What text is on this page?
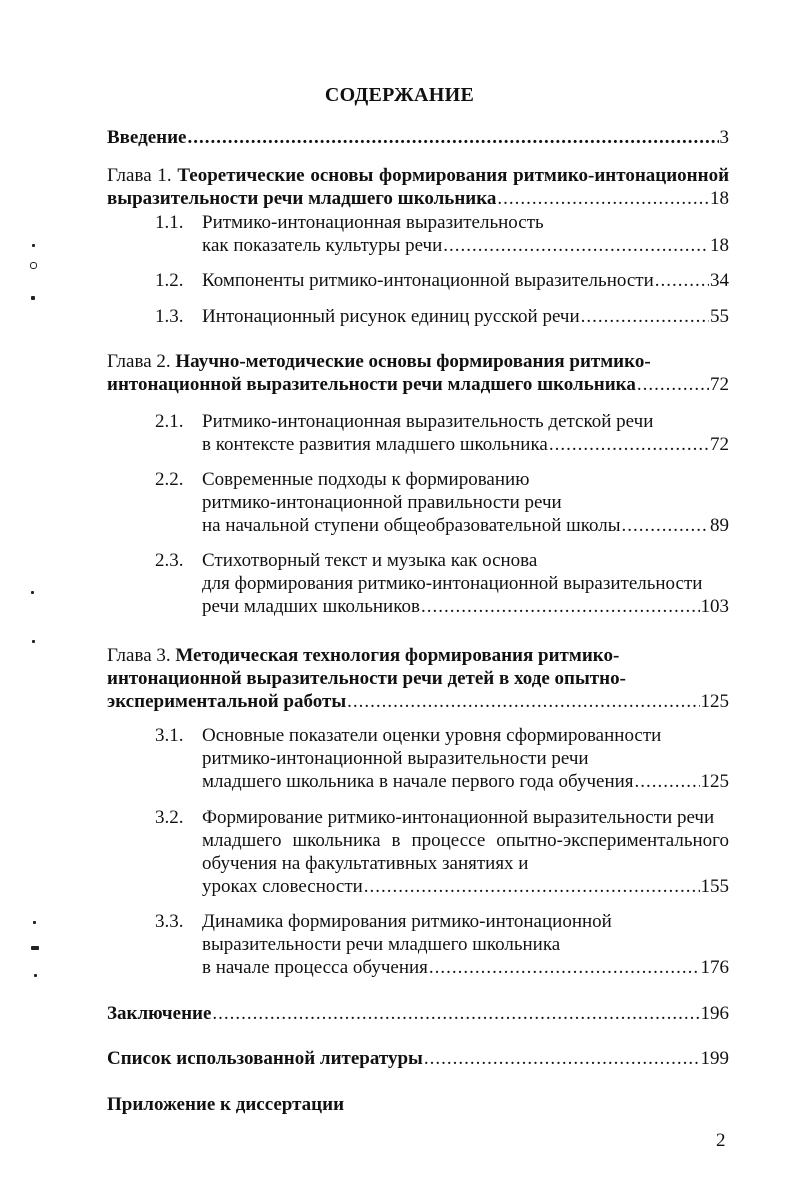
СОДЕРЖАНИЕ
Введение .....	3
Глава 1. Теоретические основы формирования ритмико-интонационной
выразительности речи младшего школьника .....	18
1.1. Ритмико-интонационная выразительность
как показатель культуры речи .....	18
1.2. Компоненты ритмико-интонационной выразительности .....	34
1.3. Интонационный рисунок единиц русской речи .....	55
Глава 2. Научно-методические основы формирования ритмико-
интонационной выразительности речи младшего школьника .....	72
2.1. Ритмико-интонационная выразительность детской речи
в контексте развития младшего школьника .....	72
2.2. Современные подходы к формированию
ритмико-интонационной правильности речи
на начальной ступени общеобразовательной школы .....	89
2.3. Стихотворный текст и музыка как основа
для формирования ритмико-интонационной выразительности
речи младших школьников .....	103
Глава 3. Методическая технология формирования ритмико-
интонационной выразительности речи детей в ходе опытно-
экспериментальной работы .....	125
3.1. Основные показатели оценки уровня сформированности
ритмико-интонационной выразительности речи
младшего школьника в начале первого года обучения .....	125
3.2. Формирование ритмико-интонационной выразительности речи
младшего школьника в процессе опытно-экспериментального
обучения на факультативных занятиях и
уроках словесности .....	155
3.3. Динамика формирования ритмико-интонационной
выразительности речи младшего школьника
в начале процесса обучения .....	176
Заключение .....	196
Список использованной литературы .....	199
Приложение к диссертации
2
